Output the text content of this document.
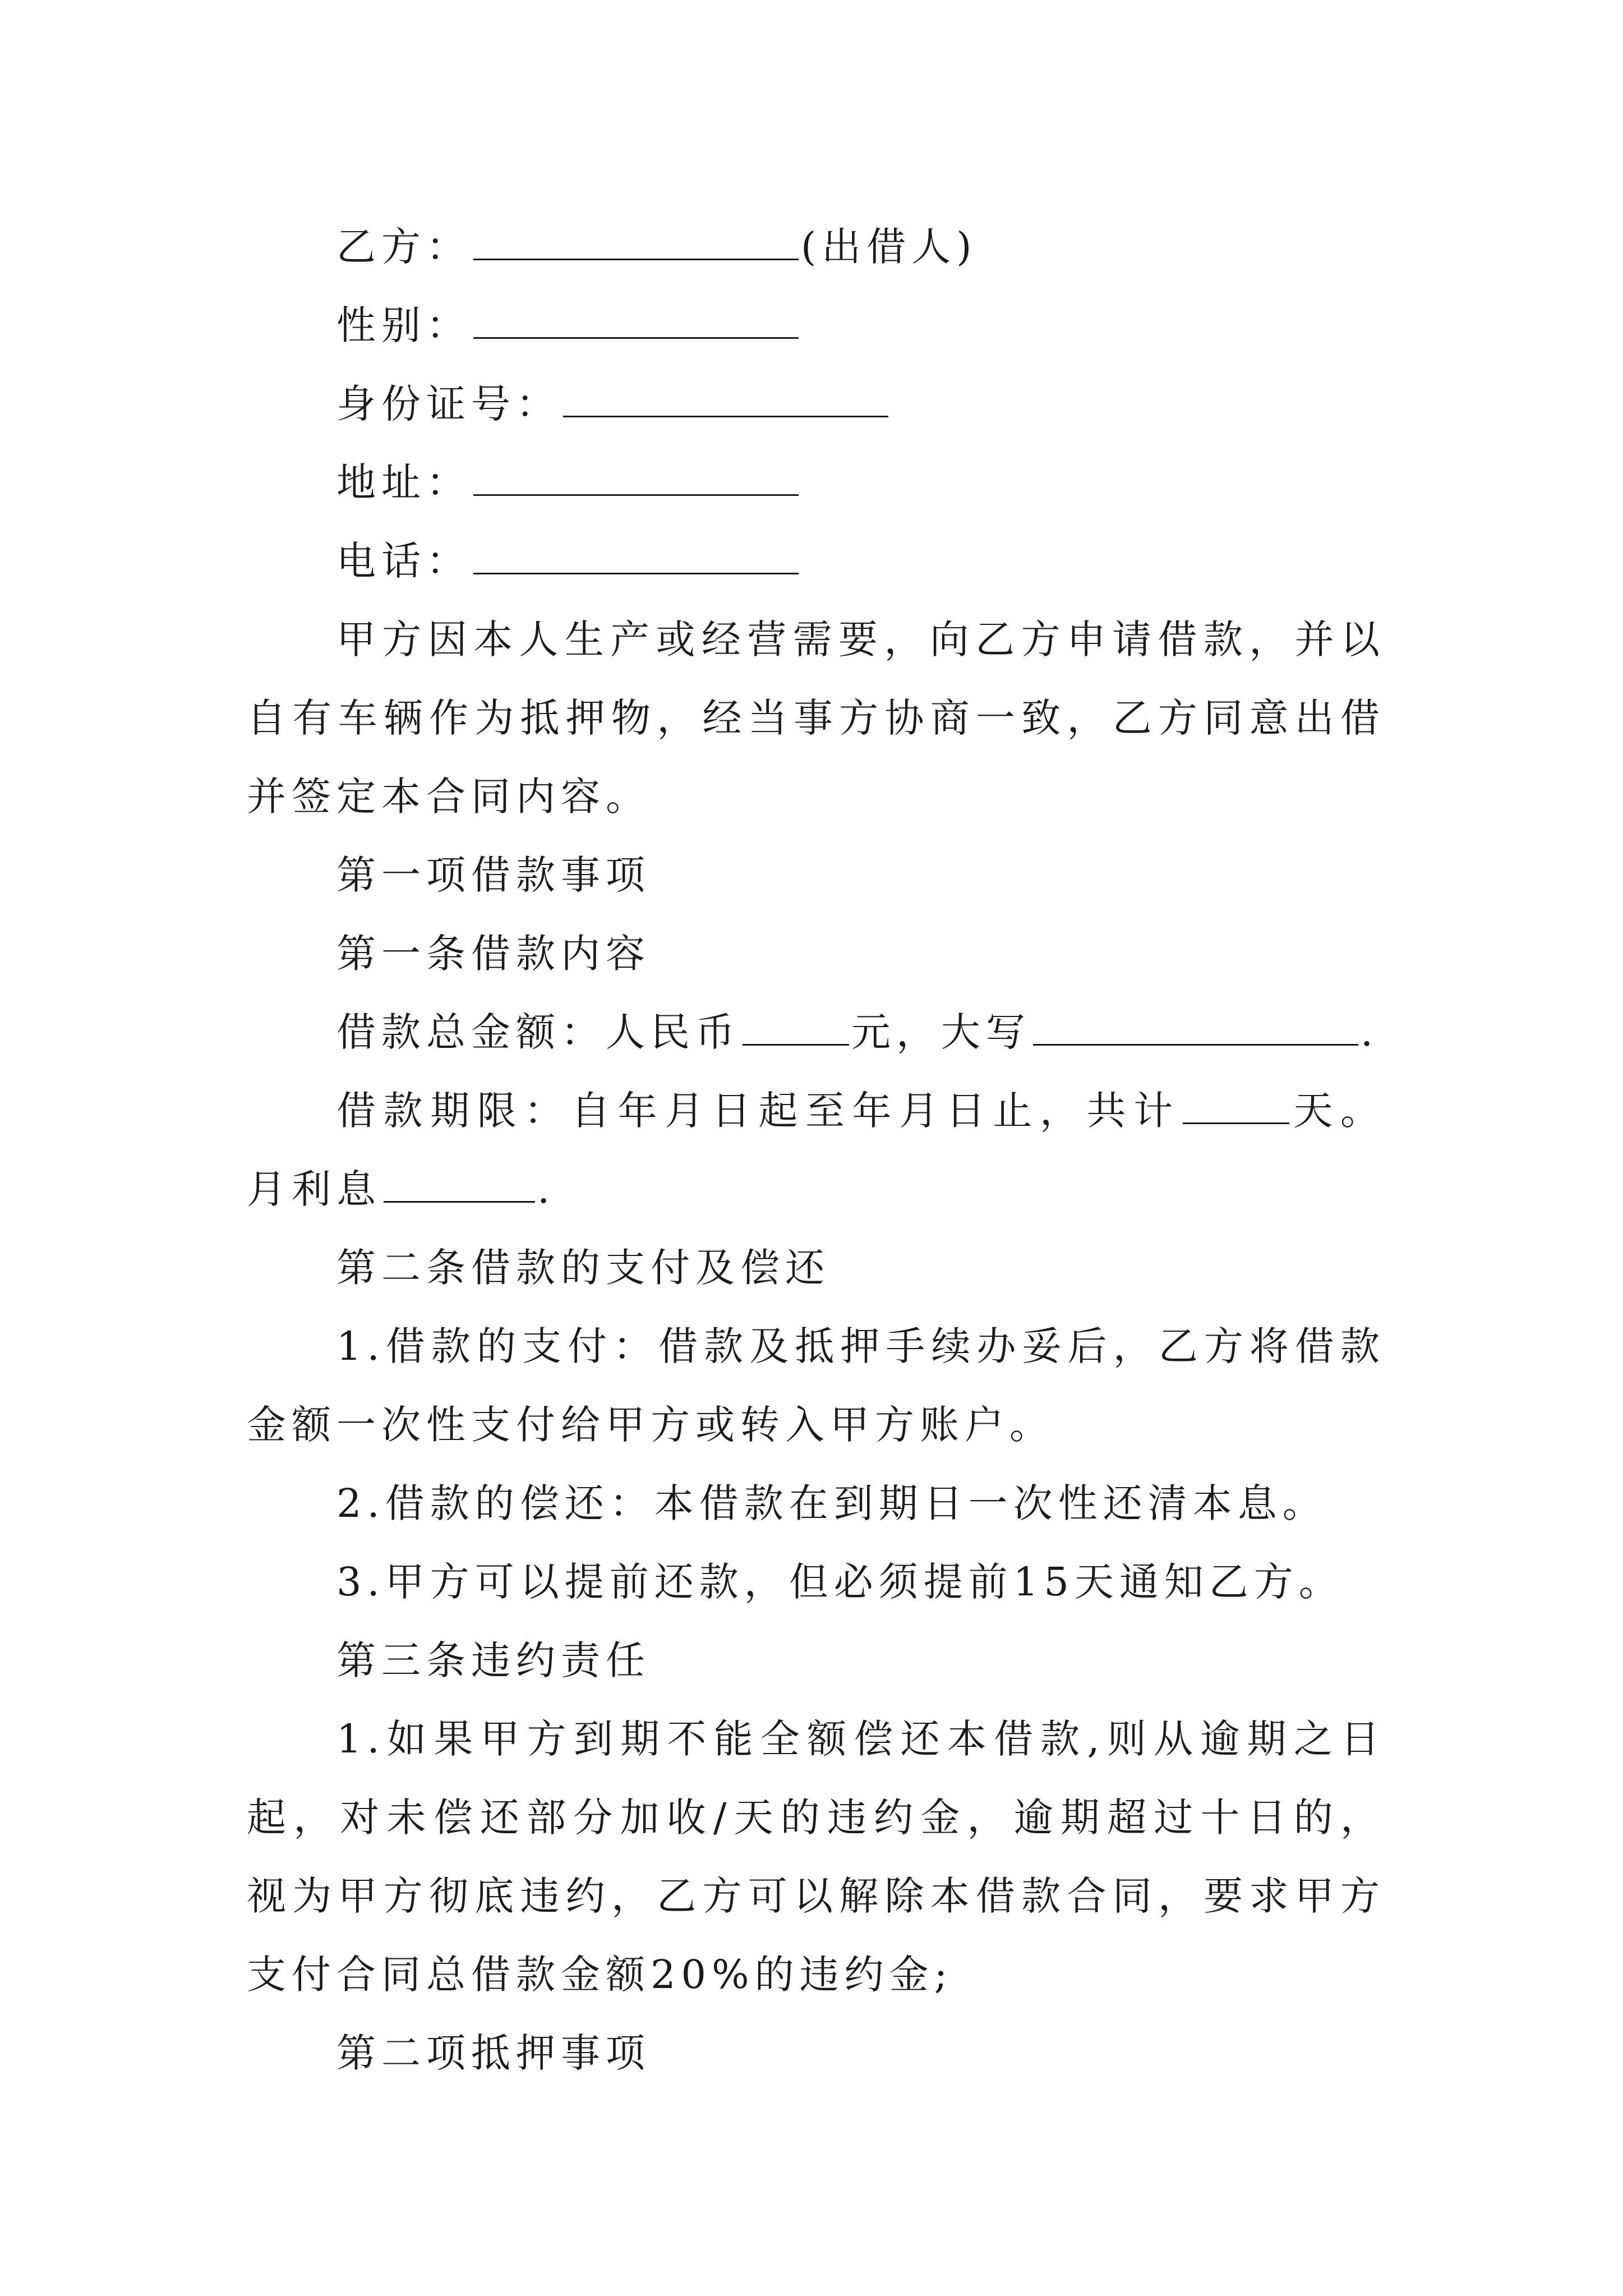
乙方：	(出借人)
性别：
身份证号：
地址：
电话：
甲方因本人生产或经营需要，向乙方申请借款，并以自有车辆作为抵押物，经当事方协商一致，乙方同意出借并签定本合同内容。
第一项借款事项
第一条借款内容
借款总金额：人民币	元，大写	.
借款期限：自年月日起至年月日止，共计	天。月利息	.
第二条借款的支付及偿还
1.借款的支付：借款及抵押手续办妥后，乙方将借款金额一次性支付给甲方或转入甲方账户。
2.借款的偿还：本借款在到期日一次性还清本息。
3.甲方可以提前还款，但必须提前15天通知乙方。
第三条违约责任
1.如果甲方到期不能全额偿还本借款,则从逾期之日起，对未偿还部分加收/天的违约金，逾期超过十日的，视为甲方彻底违约，乙方可以解除本借款合同，要求甲方支付合同总借款金额20%的违约金;
第二项抵押事项
